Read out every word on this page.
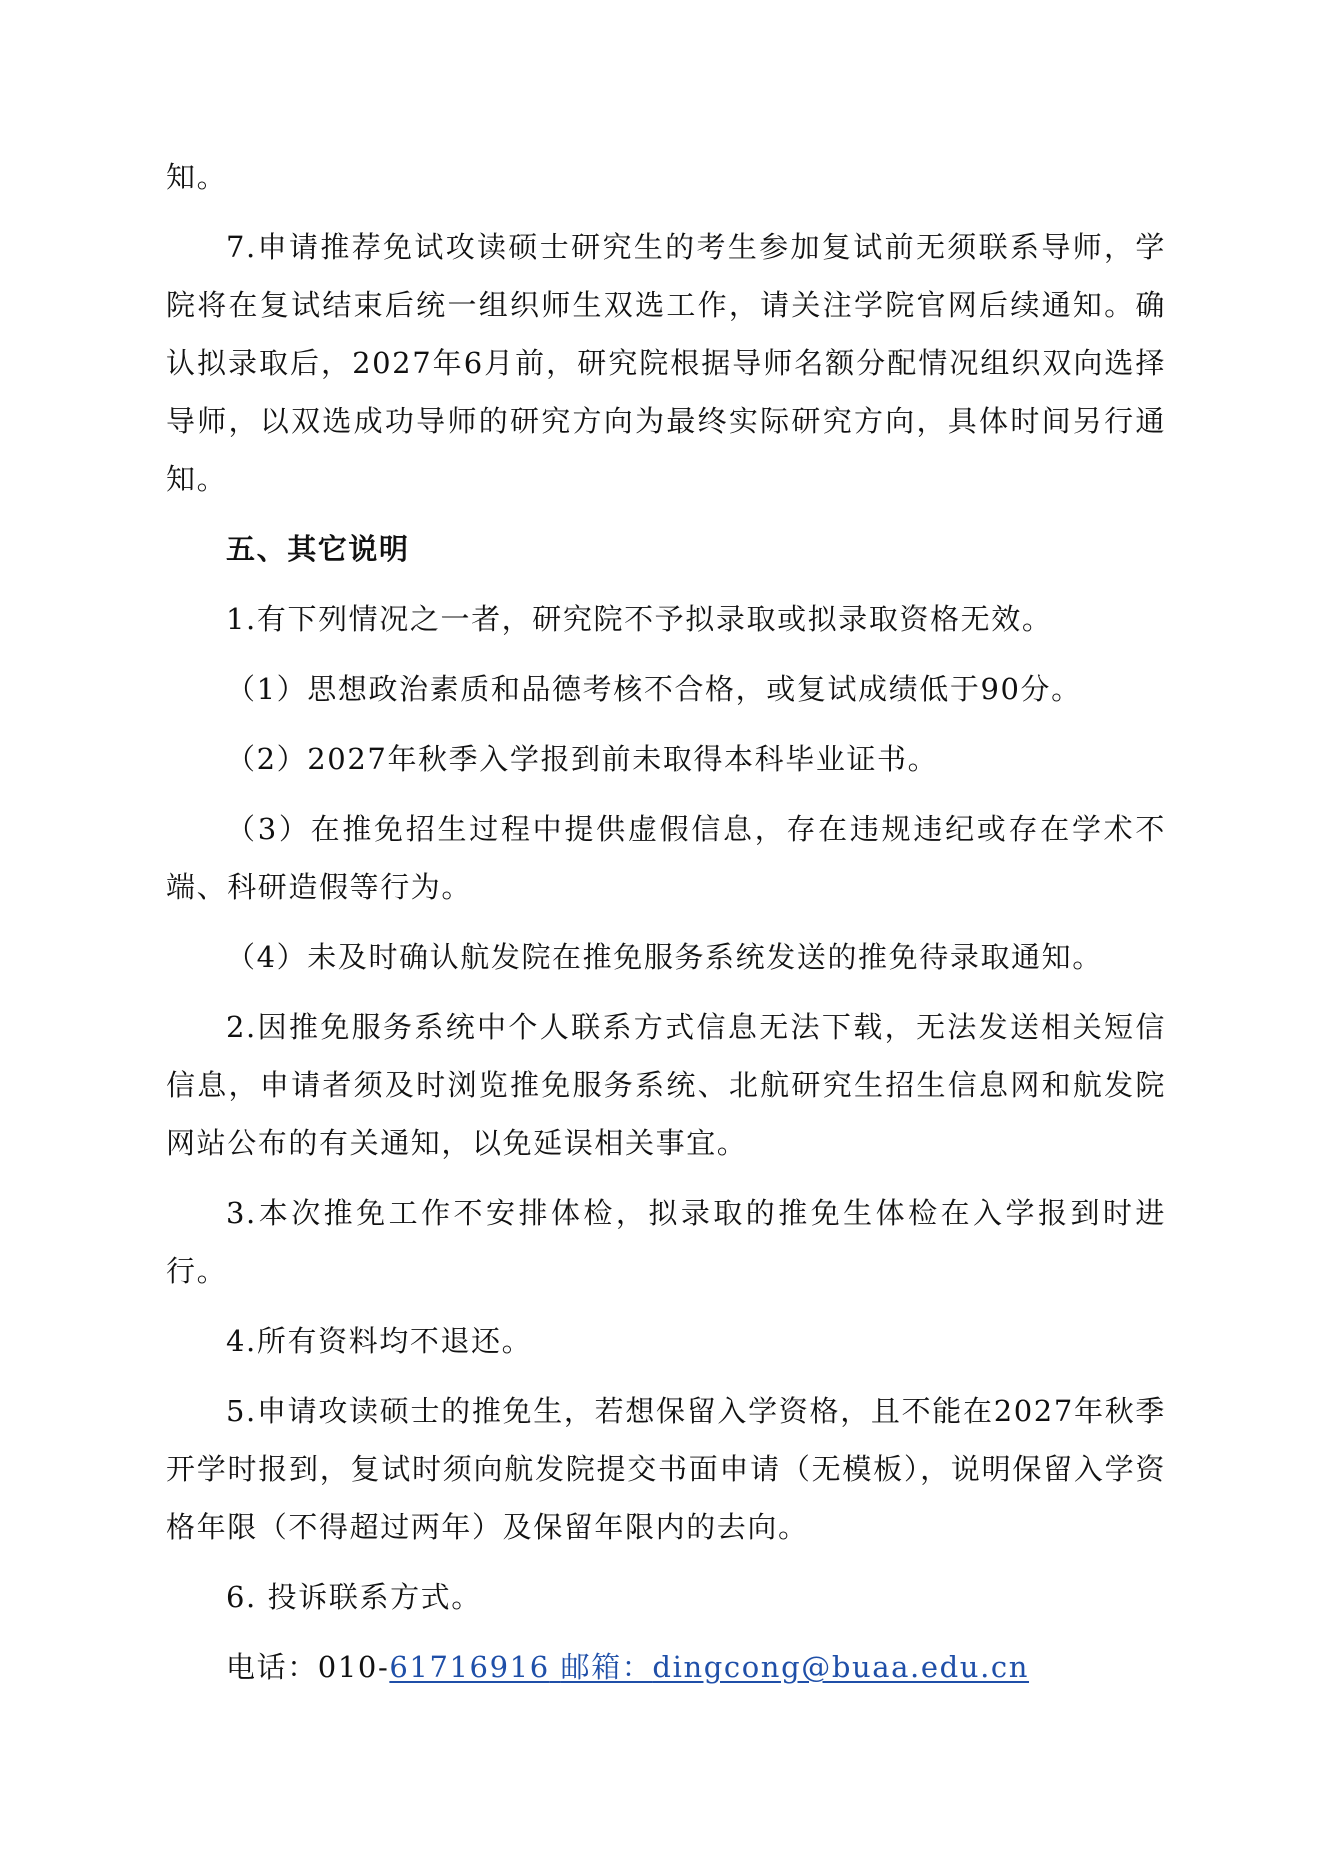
知。

7.申请推荐免试攻读硕士研究生的考生参加复试前无须联系导师，学院将在复试结束后统一组织师生双选工作，请关注学院官网后续通知。确认拟录取后，2027年6月前，研究院根据导师名额分配情况组织双向选择导师，以双选成功导师的研究方向为最终实际研究方向，具体时间另行通知。

五、其它说明

1.有下列情况之一者，研究院不予拟录取或拟录取资格无效。

（1）思想政治素质和品德考核不合格，或复试成绩低于90分。

（2）2027年秋季入学报到前未取得本科毕业证书。

（3）在推免招生过程中提供虚假信息，存在违规违纪或存在学术不端、科研造假等行为。

（4）未及时确认航发院在推免服务系统发送的推免待录取通知。

2.因推免服务系统中个人联系方式信息无法下载，无法发送相关短信信息，申请者须及时浏览推免服务系统、北航研究生招生信息网和航发院网站公布的有关通知，以免延误相关事宜。

3.本次推免工作不安排体检，拟录取的推免生体检在入学报到时进行。

4.所有资料均不退还。

5.申请攻读硕士的推免生，若想保留入学资格，且不能在2027年秋季开学时报到，复试时须向航发院提交书面申请（无模板），说明保留入学资格年限（不得超过两年）及保留年限内的去向。

6. 投诉联系方式。

电话：010-61716916 邮箱：dingcong@buaa.edu.cn
